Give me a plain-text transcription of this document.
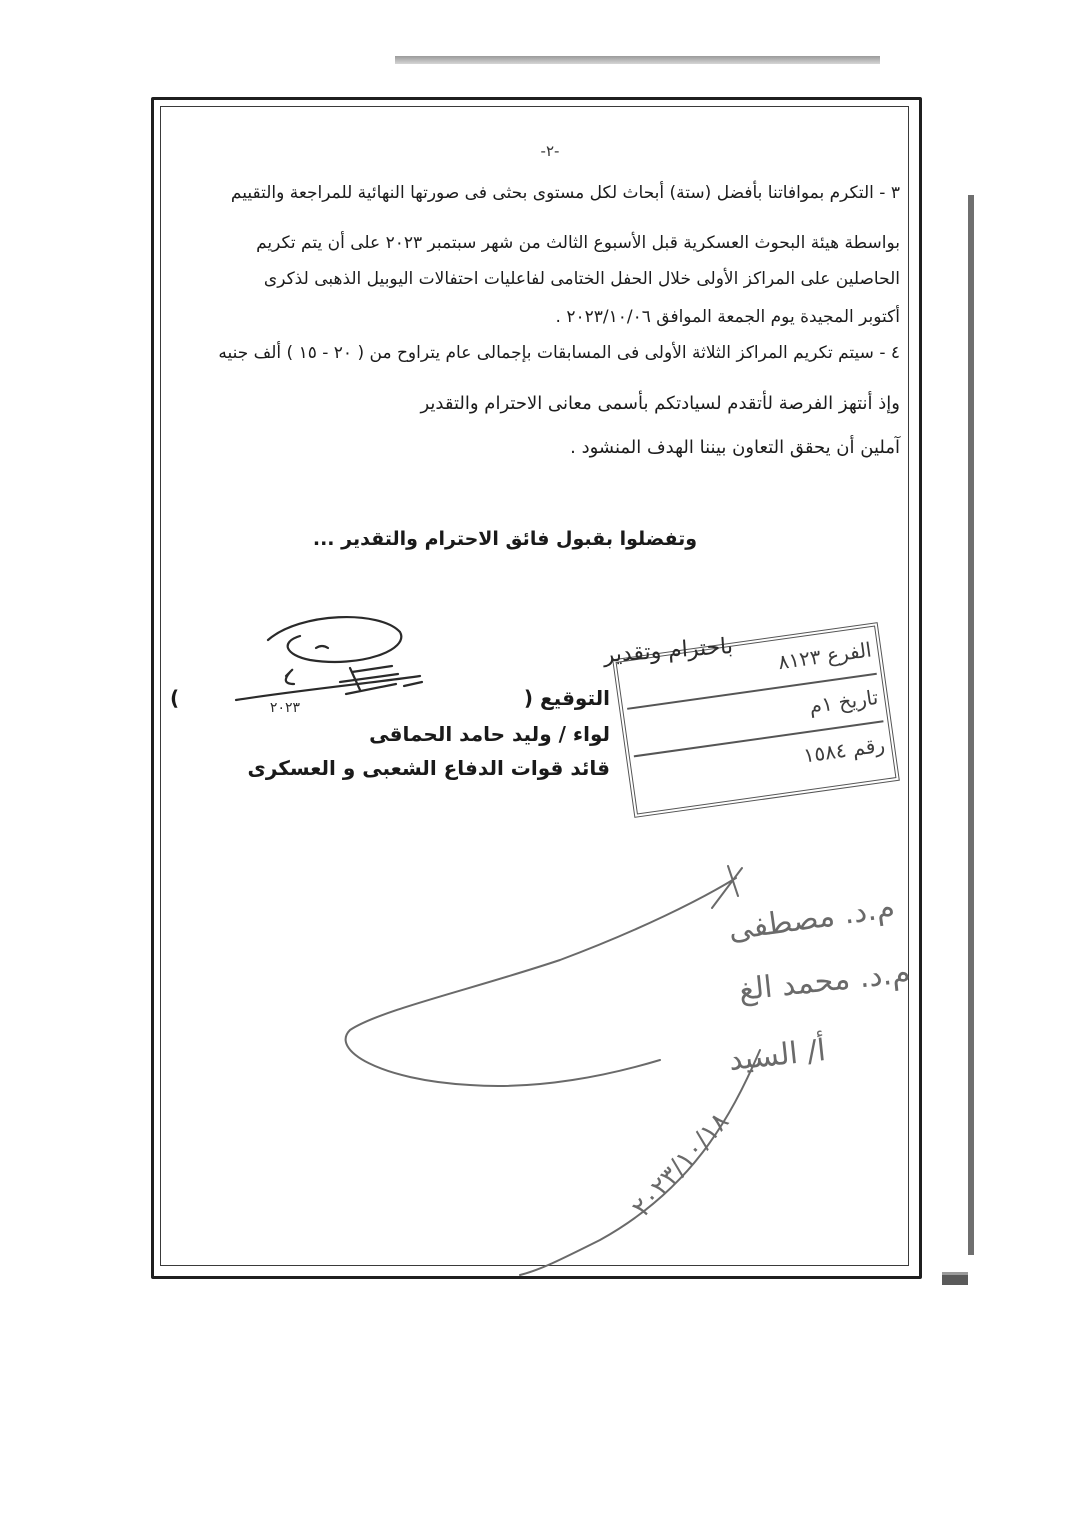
-٢-
٣ - التكرم بموافاتنا بأفضل (ستة) أبحاث لكل مستوى بحثى فى صورتها النهائية للمراجعة والتقييم
بواسطة هيئة البحوث العسكرية قبل الأسبوع الثالث من شهر سبتمبر ٢٠٢٣ على أن يتم تكريم
الحاصلين على المراكز الأولى خلال الحفل الختامى لفاعليات احتفالات اليوبيل الذهبى لذكرى
أكتوبر المجيدة يوم الجمعة الموافق ٢٠٢٣/١٠/٠٦ .
٤ - سيتم تكريم المراكز الثلاثة الأولى فى المسابقات بإجمالى عام يتراوح من ( ٢٠ - ١٥ ) ألف جنيه
وإذ أنتهز الفرصة لأتقدم لسيادتكم بأسمى معانى الاحترام والتقدير
آملين أن يحقق التعاون بيننا الهدف المنشود .
وتفضلوا بقبول فائق الاحترام والتقدير ...
التوقيع (
)
لواء / وليد حامد الحماقى
قائد قوات الدفاع الشعبى و العسكرى
الفرع ٨١٢٣
تاريخ ١م
رقم ١٥٨٤
باحترام وتقدير
٢٠٢٣
م.د. مصطفى
م.د. محمد الغ
أ/ السيد
٢٠٢٣/١٠/١٨
